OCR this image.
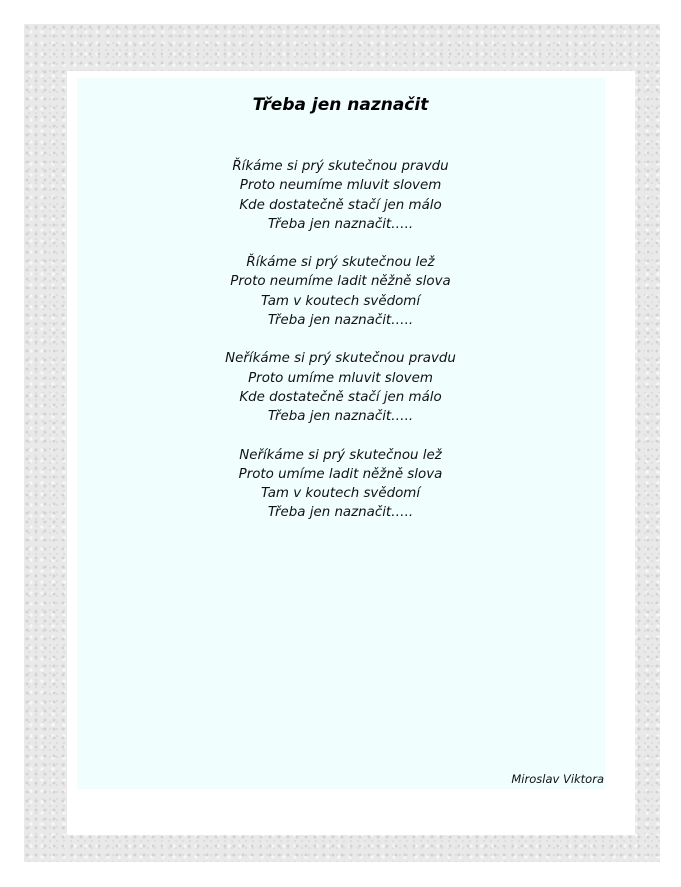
Třeba jen naznačit
Říkáme si prý skutečnou pravdu
Proto neumíme mluvit slovem
Kde dostatečně stačí jen málo
Třeba jen naznačit…..
Říkáme si prý skutečnou lež
Proto neumíme ladit něžně slova
Tam v koutech svědomí
Třeba jen naznačit…..
Neříkáme si prý skutečnou pravdu
Proto umíme mluvit slovem
Kde dostatečně stačí jen málo
Třeba jen naznačit…..
Neříkáme si prý skutečnou lež
Proto umíme ladit něžně slova
Tam v koutech svědomí
Třeba jen naznačit…..
Miroslav Viktora
